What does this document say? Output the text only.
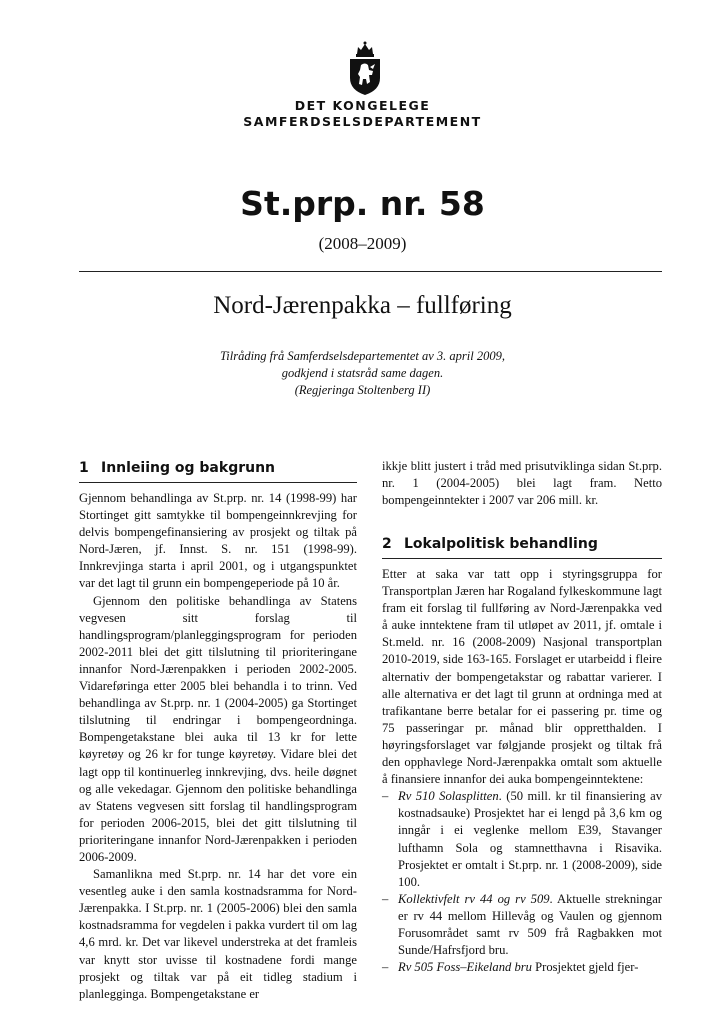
DET KONGELEGE
SAMFERDSELSDEPARTEMENT
St.prp. nr. 58
(2008–2009)
Nord-Jærenpakka – fullføring
Tilråding frå Samferdselsdepartementet av 3. april 2009,
godkjend i statsråd same dagen.
(Regjeringa Stoltenberg II)
1 Innleiing og bakgrunn

Gjennom behandlinga av St.prp. nr. 14 (1998-99) har Stortinget gitt samtykke til bompengeinnkrevjing for delvis bompengefinansiering av prosjekt og tiltak på Nord-Jæren, jf. Innst. S. nr. 151 (1998-99). Innkrevjinga starta i april 2001, og i utgangspunktet var det lagt til grunn ein bompengeperiode på 10 år.

Gjennom den politiske behandlinga av Statens vegvesen sitt forslag til handlingsprogram/planleggingsprogram for perioden 2002-2011 blei det gitt tilslutning til prioriteringane innanfor Nord-Jærenpakken i perioden 2002-2005. Vidareføringa etter 2005 blei behandla i to trinn. Ved behandlinga av St.prp. nr. 1 (2004-2005) ga Stortinget tilslutning til endringar i bompengeordninga. Bompengetakstane blei auka til 13 kr for lette køyretøy og 26 kr for tunge køyretøy. Vidare blei det lagt opp til kontinuerleg innkrevjing, dvs. heile døgnet og alle vekedagar. Gjennom den politiske behandlinga av Statens vegvesen sitt forslag til handlingsprogram for perioden 2006-2015, blei det gitt tilslutning til prioriteringane innanfor Nord-Jærenpakken i perioden 2006-2009.

Samanlikna med St.prp. nr. 14 har det vore ein vesentleg auke i den samla kostnadsramma for Nord-Jærenpakka. I St.prp. nr. 1 (2005-2006) blei den samla kostnadsramma for vegdelen i pakka vurdert til om lag 4,6 mrd. kr. Det var likevel understreka at det framleis var knytt stor uvisse til kostnadene fordi mange prosjekt og tiltak var på eit tidleg stadium i planlegginga. Bompengetakstane er

ikkje blitt justert i tråd med prisutviklinga sidan St.prp. nr. 1 (2004-2005) blei lagt fram. Netto bompengeinntekter i 2007 var 206 mill. kr.

2 Lokalpolitisk behandling

Etter at saka var tatt opp i styringsgruppa for Transportplan Jæren har Rogaland fylkeskommune lagt fram eit forslag til fullføring av Nord-Jærenpakka ved å auke inntektene fram til utløpet av 2011, jf. omtale i St.meld. nr. 16 (2008-2009) Nasjonal transportplan 2010-2019, side 163-165. Forslaget er utarbeidd i fleire alternativ der bompengetakstar og rabattar varierer. I alle alternativa er det lagt til grunn at ordninga med at trafikantane berre betalar for ei passering pr. time og 75 passeringar pr. månad blir oppretthalden. I høyringsforslaget var følgjande prosjekt og tiltak frå den opphavlege Nord-Jærenpakka omtalt som aktuelle å finansiere innanfor dei auka bompengeinntektene:

– Rv 510 Solasplitten. (50 mill. kr til finansiering av kostnadsauke) Prosjektet har ei lengd på 3,6 km og inngår i ei veglenke mellom E39, Stavanger lufthamn Sola og stamnetthavna i Risavika. Prosjektet er omtalt i St.prp. nr. 1 (2008-2009), side 100.
– Kollektivfelt rv 44 og rv 509. Aktuelle strekningar er rv 44 mellom Hillevåg og Vaulen og gjennom Forusområdet samt rv 509 frå Ragbakken mot Sunde/Hafrsfjord bru.
– Rv 505 Foss–Eikeland bru Prosjektet gjeld fjer-
